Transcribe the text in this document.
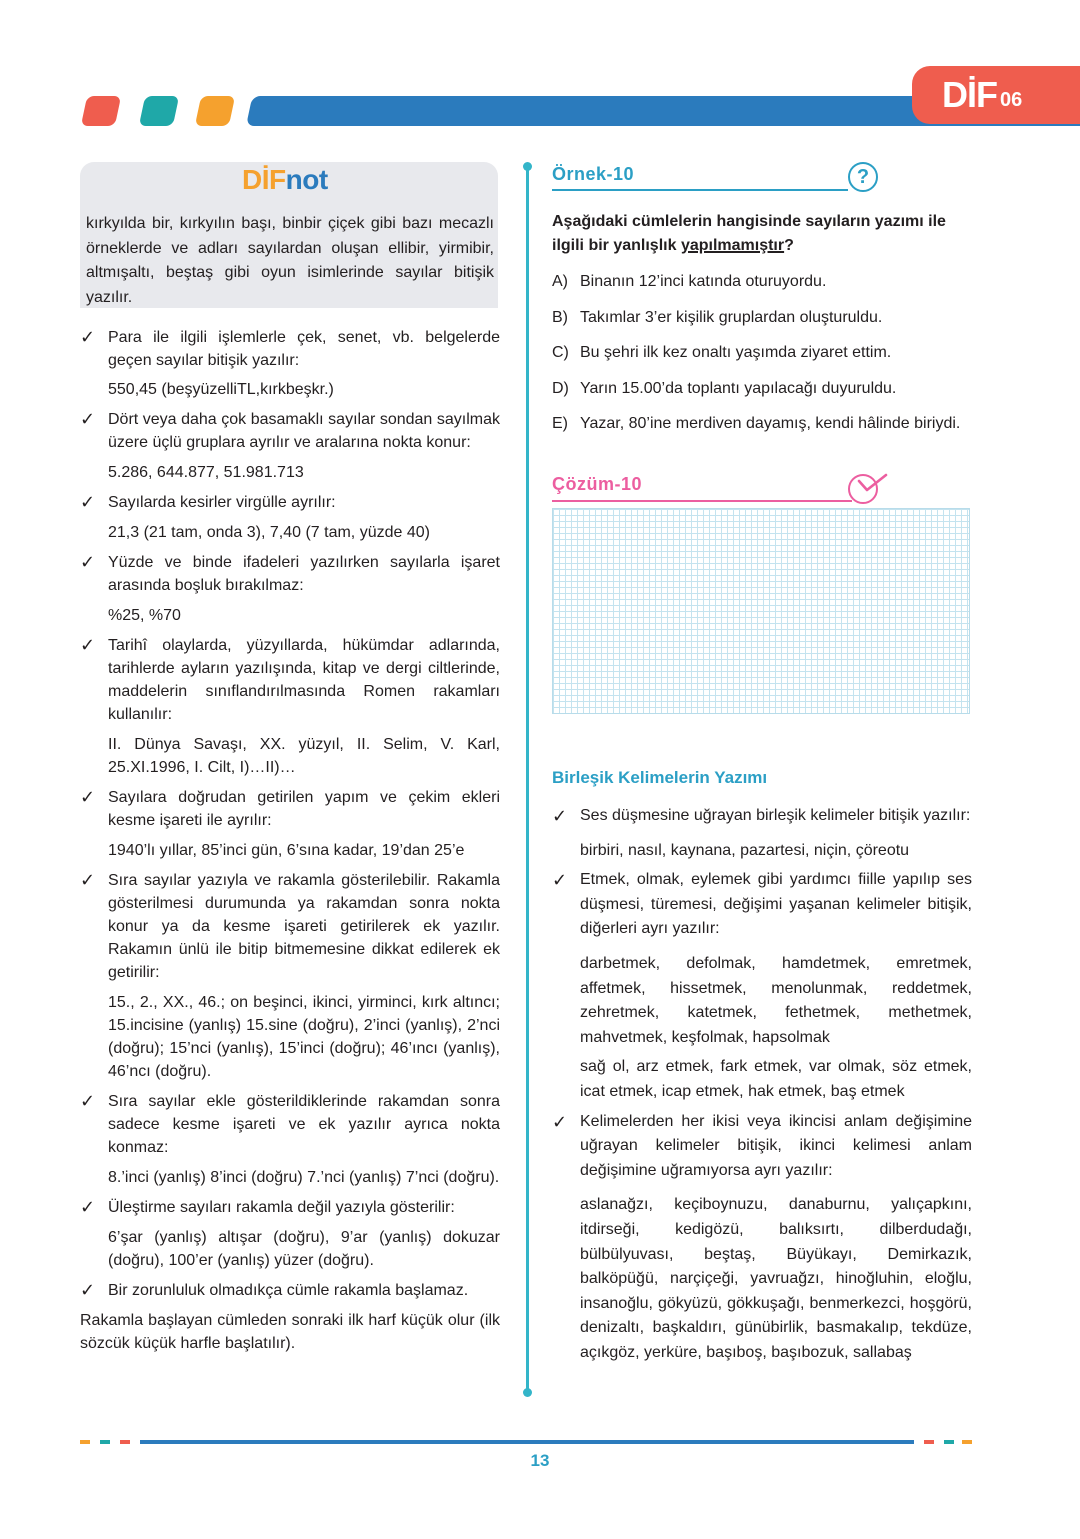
DİF 06
DİFnot
kırkyılda bir, kırkyılın başı, binbir çiçek gibi bazı mecazlı örneklerde ve adları sayılardan oluşan ellibir, yirmibir, altmışaltı, beştaş gibi oyun isimlerinde sayılar bitişik yazılır.
✓ Para ile ilgili işlemlerle çek, senet, vb. belgelerde geçen sayılar bitişik yazılır:
550,45 (beşyüzelliTL,kırkbeşkr.)
✓ Dört veya daha çok basamaklı sayılar sondan sayılmak üzere üçlü gruplara ayrılır ve aralarına nokta konur:
5.286, 644.877, 51.981.713
✓ Sayılarda kesirler virgülle ayrılır:
21,3 (21 tam, onda 3), 7,40 (7 tam, yüzde 40)
✓ Yüzde ve binde ifadeleri yazılırken sayılarla işaret arasında boşluk bırakılmaz:
%25, %70
✓ Tarihî olaylarda, yüzyıllarda, hükümdar adlarında, tarihlerde ayların yazılışında, kitap ve dergi ciltlerinde, maddelerin sınıflandırılmasında Romen rakamları kullanılır:
II. Dünya Savaşı, XX. yüzyıl, II. Selim, V. Karl, 25.XI.1996, I. Cilt, I)…II)…
✓ Sayılara doğrudan getirilen yapım ve çekim ekleri kesme işareti ile ayrılır:
1940’lı yıllar, 85’inci gün, 6’sına kadar, 19’dan 25’e
✓ Sıra sayılar yazıyla ve rakamla gösterilebilir. Rakamla gösterilmesi durumunda ya rakamdan sonra nokta konur ya da kesme işareti getirilerek ek yazılır. Rakamın ünlü ile bitip bitmemesine dikkat edilerek ek getirilir:
15., 2., XX., 46.; on beşinci, ikinci, yirminci, kırk altıncı; 15.incisine (yanlış) 15.sine (doğru), 2’inci (yanlış), 2’nci (doğru); 15’nci (yanlış), 15’inci (doğru); 46’ıncı (yanlış), 46’ncı (doğru).
✓ Sıra sayılar ekle gösterildiklerinde rakamdan sonra sadece kesme işareti ve ek yazılır ayrıca nokta konmaz:
8.’inci (yanlış) 8’inci (doğru) 7.’nci (yanlış) 7’nci (doğru).
✓ Üleştirme sayıları rakamla değil yazıyla gösterilir:
6’şar (yanlış) altışar (doğru), 9’ar (yanlış) dokuzar (doğru), 100’er (yanlış) yüzer (doğru).
✓ Bir zorunluluk olmadıkça cümle rakamla başlamaz.
Rakamla başlayan cümleden sonraki ilk harf küçük olur (ilk sözcük küçük harfle başlatılır).
Örnek-10	?
Aşağıdaki cümlelerin hangisinde sayıların yazımı ile ilgili bir yanlışlık yapılmamıştır?
A) Binanın 12’inci katında oturuyordu.
B) Takımlar 3’er kişilik gruplardan oluşturuldu.
C) Bu şehri ilk kez onaltı yaşımda ziyaret ettim.
D) Yarın 15.00’da toplantı yapılacağı duyuruldu.
E) Yazar, 80’ine merdiven dayamış, kendi hâlinde biriydi.
Çözüm-10
Birleşik Kelimelerin Yazımı
✓ Ses düşmesine uğrayan birleşik kelimeler bitişik yazılır:
birbiri, nasıl, kaynana, pazartesi, niçin, çöreotu
✓ Etmek, olmak, eylemek gibi yardımcı fiille yapılıp ses düşmesi, türemesi, değişimi yaşanan kelimeler bitişik, diğerleri ayrı yazılır:
darbetmek, defolmak, hamdetmek, emretmek, affetmek, hissetmek, menolunmak, reddetmek, zehretmek, katetmek, fethetmek, methetmek, mahvetmek, keşfolmak, hapsolmak
sağ ol, arz etmek, fark etmek, var olmak, söz etmek, icat etmek, icap etmek, hak etmek, baş etmek
✓ Kelimelerden her ikisi veya ikincisi anlam değişimine uğrayan kelimeler bitişik, ikinci kelimesi anlam değişimine uğramıyorsa ayrı yazılır:
aslanağzı, keçiboynuzu, danaburnu, yalıçapkını, itdirseği, kedigözü, balıksırtı, dilberdudağı, bülbülyuvası, beştaş, Büyükayı, Demirkazık, balköpüğü, narçiçeği, yavruağzı, hinoğluhin, eloğlu, insanoğlu, gökyüzü, gökkuşağı, benmerkezci, hoşgörü, denizaltı, başkaldırı, günübirlik, basmakalıp, tekdüze, açıkgöz, yerküre, başıboş, başıbozuk, sallabaş
13
